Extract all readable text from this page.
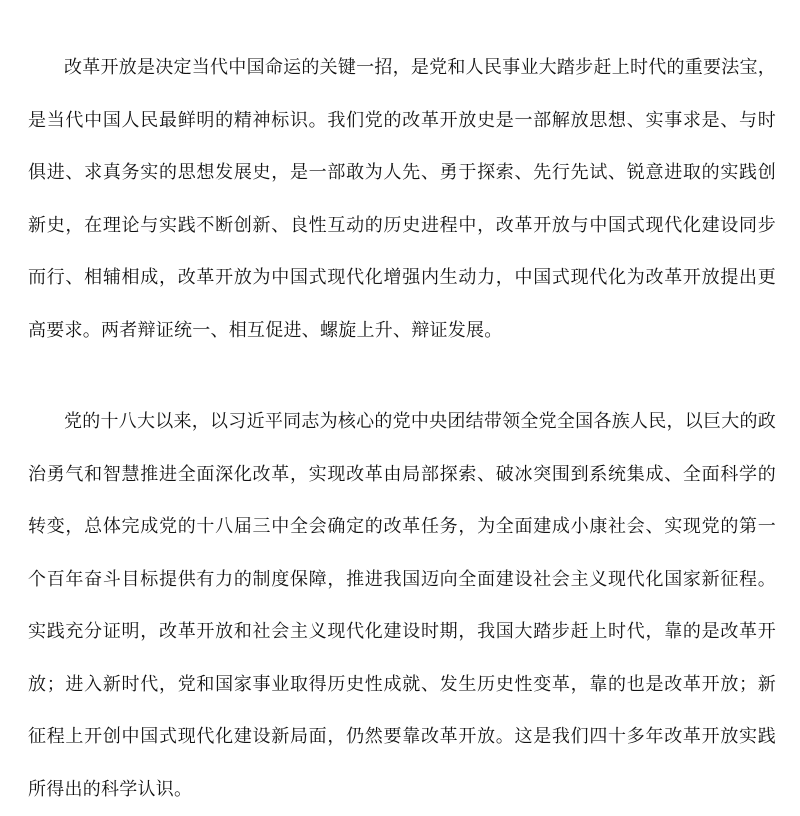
改革开放是决定当代中国命运的关键一招，是党和人民事业大踏步赶上时代的重要法宝，是当代中国人民最鲜明的精神标识。我们党的改革开放史是一部解放思想、实事求是、与时俱进、求真务实的思想发展史，是一部敢为人先、勇于探索、先行先试、锐意进取的实践创新史，在理论与实践不断创新、良性互动的历史进程中，改革开放与中国式现代化建设同步而行、相辅相成，改革开放为中国式现代化增强内生动力，中国式现代化为改革开放提出更高要求。两者辩证统一、相互促进、螺旋上升、辩证发展。

党的十八大以来，以习近平同志为核心的党中央团结带领全党全国各族人民，以巨大的政治勇气和智慧推进全面深化改革，实现改革由局部探索、破冰突围到系统集成、全面科学的转变，总体完成党的十八届三中全会确定的改革任务，为全面建成小康社会、实现党的第一个百年奋斗目标提供有力的制度保障，推进我国迈向全面建设社会主义现代化国家新征程。实践充分证明，改革开放和社会主义现代化建设时期，我国大踏步赶上时代，靠的是改革开放；进入新时代，党和国家事业取得历史性成就、发生历史性变革，靠的也是改革开放；新征程上开创中国式现代化建设新局面，仍然要靠改革开放。这是我们四十多年改革开放实践所得出的科学认识。
